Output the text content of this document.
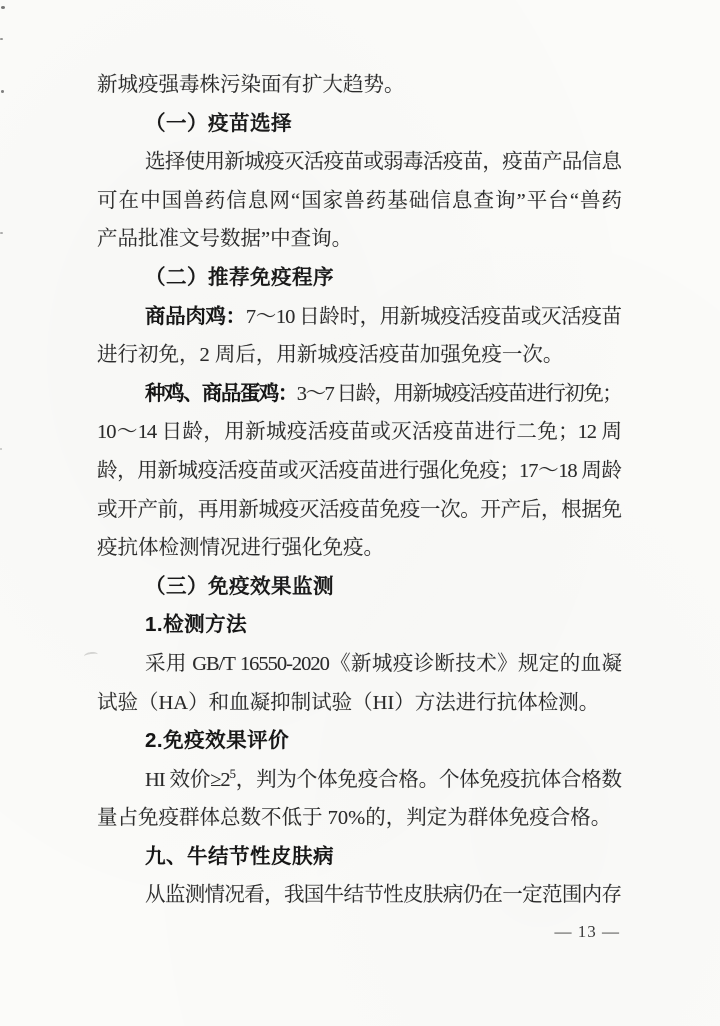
新城疫强毒株污染面有扩大趋势。
（一）疫苗选择
选择使用新城疫灭活疫苗或弱毒活疫苗，疫苗产品信息
可在中国兽药信息网“国家兽药基础信息查询”平台“兽药
产品批准文号数据”中查询。
（二）推荐免疫程序
商品肉鸡：7～10 日龄时，用新城疫活疫苗或灭活疫苗
进行初免，2 周后，用新城疫活疫苗加强免疫一次。
种鸡、商品蛋鸡：3～7 日龄，用新城疫活疫苗进行初免；
10～14 日龄，用新城疫活疫苗或灭活疫苗进行二免；12 周
龄，用新城疫活疫苗或灭活疫苗进行强化免疫；17～18 周龄
或开产前，再用新城疫灭活疫苗免疫一次。开产后，根据免
疫抗体检测情况进行强化免疫。
（三）免疫效果监测
1.检测方法
采用 GB/T 16550-2020《新城疫诊断技术》规定的血凝
试验（HA）和血凝抑制试验（HI）方法进行抗体检测。
2.免疫效果评价
HI 效价$\ge 2^5$，判为个体免疫合格。个体免疫抗体合格数
量占免疫群体总数不低于 70%的，判定为群体免疫合格。
九、牛结节性皮肤病
从监测情况看，我国牛结节性皮肤病仍在一定范围内存
— 13 —
